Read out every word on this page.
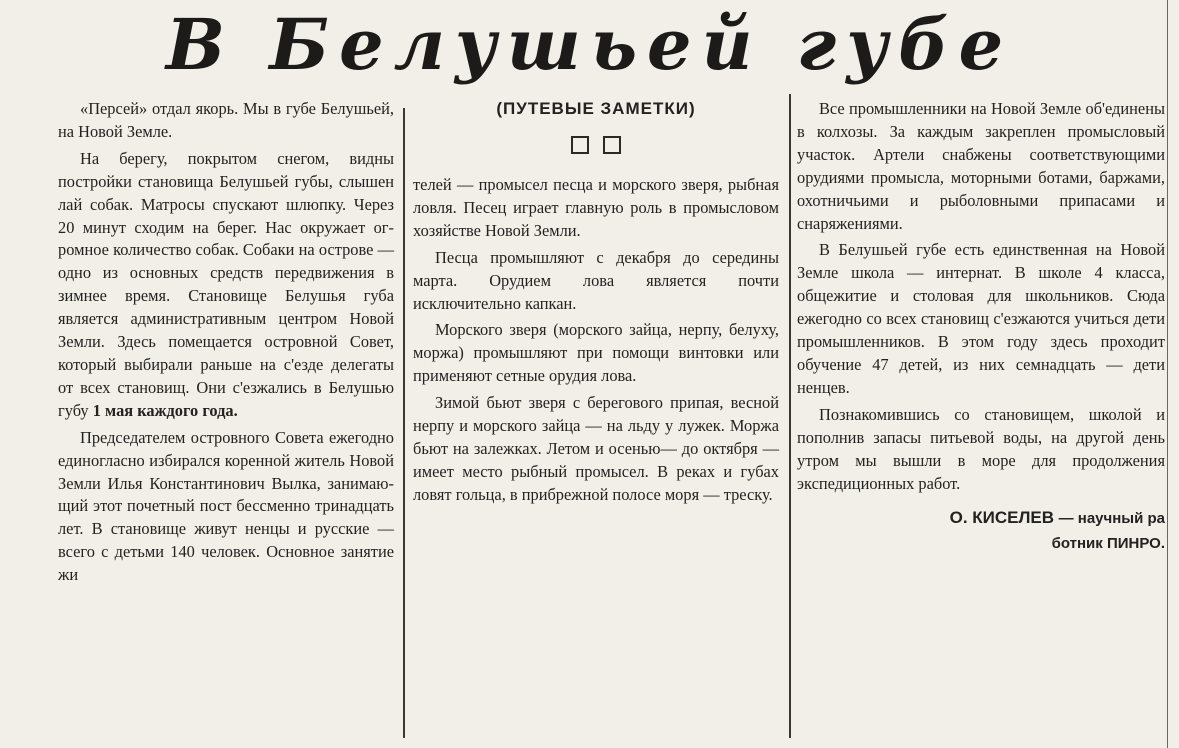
В Белушьей губе

«Персей» отдал якорь. Мы в губе Белушьей, на Новой Земле.

На берегу, покрытом снегом, видны постройки становища Белушьей губы, слышен лай собак. Матросы спускают шлюпку. Через 20 минут сходим на берег. Нас окружает огромное количество собак. Собаки на острове — одно из основных средств передвижения в зимнее время. Становище Белушья губа является административным центром Новой Земли. Здесь помещается островной Совет, который выбирали раньше на с'езде делегаты от всех становищ. Они с'езжались в Белушью губу 1 мая каждого года.

Председателем островного Совета ежегодно единогласно избирался коренной житель Новой Земли Илья Константинович Вылка, занимающий этот почетный пост бессменно тринадцать лет. В становище живут ненцы и русские — всего с детьми 140 человек. Основное занятие жи

(ПУТЕВЫЕ ЗАМЕТКИ)

телей — промысел песца и морского зверя, рыбная ловля. Песец играет главную роль в промысловом хозяйстве Новой Земли.

Песца промышляют с декабря до середины марта. Орудием лова является почти исключительно капкан.

Морского зверя (морского зайца, нерпу, белуху, моржа) промышляют при помощи винтовки или применяют сетные орудия лова.

Зимой бьют зверя с берегового припая, весной нерпу и морского зайца — на льду у лужек. Моржа бьют на залежках. Летом и осенью— до октября — имеет место рыбный промысел. В реках и губах ловят гольца, в прибрежной полосе моря — треску.

Все промышленники на Новой Земле об'единены в колхозы. За каждым закреплен промысловый участок. Артели снабжены соответствующими орудиями промысла, моторными ботами, баржами, охотничьими и рыболовными припасами и снаряжениями.

В Белушьей губе есть единственная на Новой Земле школа — интернат. В школе 4 класса, общежитие и столовая для школьников. Сюда ежегодно со всех становищ с'езжаются учиться дети промышленников. В этом году здесь проходит обучение 47 детей, из них семнадцать — дети ненцев.

Познакомившись со становищем, школой и пополнив запасы питьевой воды, на другой день утром мы вышли в море для продолжения экспедиционных работ.

О. КИСЕЛЕВ — научный ра
ботник ПИНРО.
